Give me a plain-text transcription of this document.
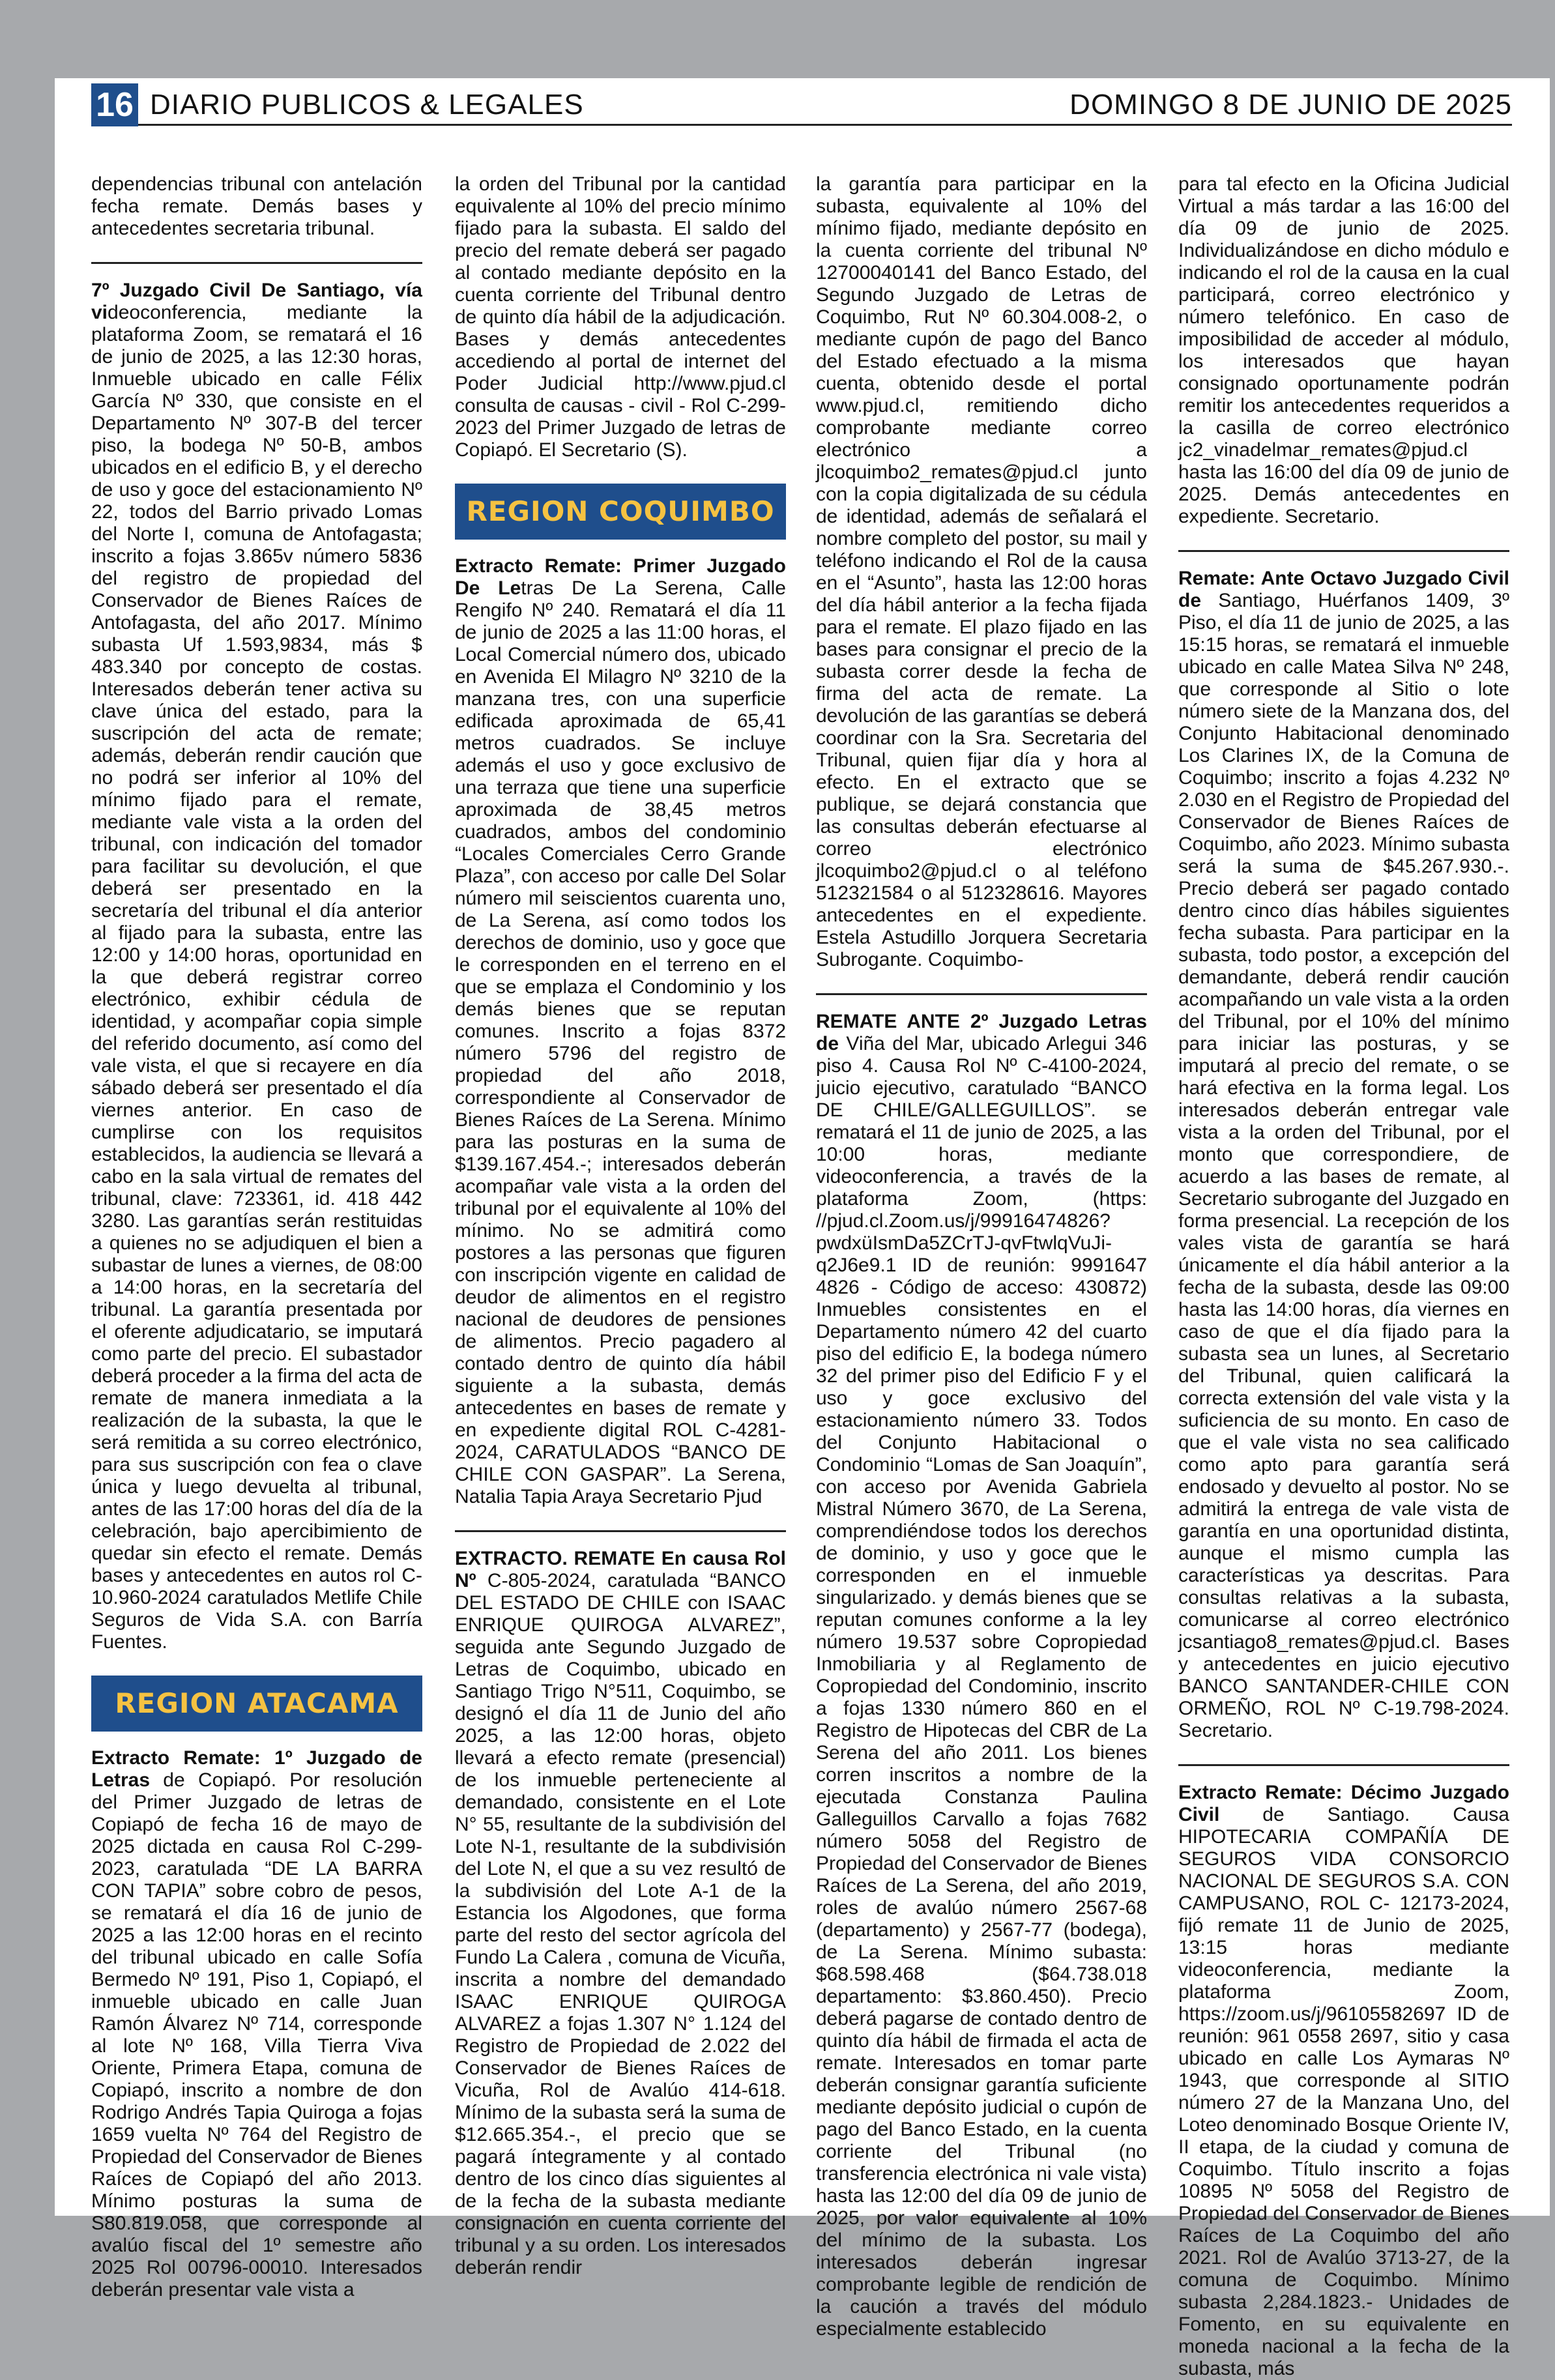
16 DIARIO PUBLICOS & LEGALES	DOMINGO 8 DE JUNIO DE 2025

dependencias tribunal con antelación fecha remate. Demás bases y antecedentes secretaria tribunal.

7º Juzgado Civil De Santiago, vía videoconferencia, mediante la plataforma Zoom, se rematará el 16 de junio de 2025, a las 12:30 horas, Inmueble ubicado en calle Félix García Nº 330, que consiste en el Departamento Nº 307-B del tercer piso, la bodega Nº 50-B, ambos ubicados en el edificio B, y el derecho de uso y goce del estacionamiento Nº 22, todos del Barrio privado Lomas del Norte I, comuna de Antofagasta; inscrito a fojas 3.865v número 5836 del registro de propiedad del Conservador de Bienes Raíces de Antofagasta, del año 2017. Mínimo subasta Uf 1.593,9834, más $ 483.340 por concepto de costas. Interesados deberán tener activa su clave única del estado, para la suscripción del acta de remate; además, deberán rendir caución que no podrá ser inferior al 10% del mínimo fijado para el remate, mediante vale vista a la orden del tribunal, con indicación del tomador para facilitar su devolución, el que deberá ser presentado en la secretaría del tribunal el día anterior al fijado para la subasta, entre las 12:00 y 14:00 horas, oportunidad en la que deberá registrar correo electrónico, exhibir cédula de identidad, y acompañar copia simple del referido documento, así como del vale vista, el que si recayere en día sábado deberá ser presentado el día viernes anterior. En caso de cumplirse con los requisitos establecidos, la audiencia se llevará a cabo en la sala virtual de remates del tribunal, clave: 723361, id. 418 442 3280. Las garantías serán restituidas a quienes no se adjudiquen el bien a subastar de lunes a viernes, de 08:00 a 14:00 horas, en la secretaría del tribunal. La garantía presentada por el oferente adjudicatario, se imputará como parte del precio. El subastador deberá proceder a la firma del acta de remate de manera inmediata a la realización de la subasta, la que le será remitida a su correo electrónico, para sus suscripción con fea o clave única y luego devuelta al tribunal, antes de las 17:00 horas del día de la celebración, bajo apercibimiento de quedar sin efecto el remate. Demás bases y antecedentes en autos rol C-10.960-2024 caratulados Metlife Chile Seguros de Vida S.A. con Barría Fuentes.

REGION ATACAMA

Extracto Remate: 1º Juzgado de Letras de Copiapó. Por resolución del Primer Juzgado de letras de Copiapó de fecha 16 de mayo de 2025 dictada en causa Rol C-299-2023, caratulada “DE LA BARRA CON TAPIA” sobre cobro de pesos, se rematará el día 16 de junio de 2025 a las 12:00 horas en el recinto del tribunal ubicado en calle Sofía Bermedo Nº 191, Piso 1, Copiapó, el inmueble ubicado en calle Juan Ramón Álvarez Nº 714, corresponde al lote Nº 168, Villa Tierra Viva Oriente, Primera Etapa, comuna de Copiapó, inscrito a nombre de don Rodrigo Andrés Tapia Quiroga a fojas 1659 vuelta Nº 764 del Registro de Propiedad del Conservador de Bienes Raíces de Copiapó del año 2013. Mínimo posturas la suma de S80.819.058, que corresponde al avalúo fiscal del 1º semestre año 2025 Rol 00796-00010. Interesados deberán presentar vale vista a

la orden del Tribunal por la cantidad equivalente al 10% del precio mínimo fijado para la subasta. El saldo del precio del remate deberá ser pagado al contado mediante depósito en la cuenta corriente del Tribunal dentro de quinto día hábil de la adjudicación. Bases y demás antecedentes accediendo al portal de internet del Poder Judicial http://www.pjud.cl consulta de causas - civil - Rol C-299-2023 del Primer Juzgado de letras de Copiapó. El Secretario (S).

REGION COQUIMBO

Extracto Remate: Primer Juzgado De Letras De La Serena, Calle Rengifo Nº 240. Rematará el día 11 de junio de 2025 a las 11:00 horas, el Local Comercial número dos, ubicado en Avenida El Milagro Nº 3210 de la manzana tres, con una superficie edificada aproximada de 65,41 metros cuadrados. Se incluye además el uso y goce exclusivo de una terraza que tiene una superficie aproximada de 38,45 metros cuadrados, ambos del condominio “Locales Comerciales Cerro Grande Plaza”, con acceso por calle Del Solar número mil seiscientos cuarenta uno, de La Serena, así como todos los derechos de dominio, uso y goce que le corresponden en el terreno en el que se emplaza el Condominio y los demás bienes que se reputan comunes. Inscrito a fojas 8372 número 5796 del registro de propiedad del año 2018, correspondiente al Conservador de Bienes Raíces de La Serena. Mínimo para las posturas en la suma de $139.167.454.-; interesados deberán acompañar vale vista a la orden del tribunal por el equivalente al 10% del mínimo. No se admitirá como postores a las personas que figuren con inscripción vigente en calidad de deudor de alimentos en el registro nacional de deudores de pensiones de alimentos. Precio pagadero al contado dentro de quinto día hábil siguiente a la subasta, demás antecedentes en bases de remate y en expediente digital ROL C-4281-2024, CARATULADOS “BANCO DE CHILE CON GASPAR”. La Serena, Natalia Tapia Araya Secretario Pjud

EXTRACTO. REMATE En causa Rol Nº C-805-2024, caratulada “BANCO DEL ESTADO DE CHILE con ISAAC ENRIQUE QUIROGA ALVAREZ”, seguida ante Segundo Juzgado de Letras de Coquimbo, ubicado en Santiago Trigo N°511, Coquimbo, se designó el día 11 de Junio del año 2025, a las 12:00 horas, objeto llevará a efecto remate (presencial) de los inmueble perteneciente al demandado, consistente en el Lote N° 55, resultante de la subdivisión del Lote N-1, resultante de la subdivisión del Lote N, el que a su vez resultó de la subdivisión del Lote A-1 de la Estancia los Algodones, que forma parte del resto del sector agrícola del Fundo La Calera , comuna de Vicuña, inscrita a nombre del demandado ISAAC ENRIQUE QUIROGA ALVAREZ a fojas 1.307 N° 1.124 del Registro de Propiedad de 2.022 del Conservador de Bienes Raíces de Vicuña, Rol de Avalúo 414-618. Mínimo de la subasta será la suma de $12.665.354.-, el precio que se pagará íntegramente y al contado dentro de los cinco días siguientes al de la fecha de la subasta mediante consignación en cuenta corriente del tribunal y a su orden. Los interesados deberán rendir

la garantía para participar en la subasta, equivalente al 10% del mínimo fijado, mediante depósito en la cuenta corriente del tribunal Nº 12700040141 del Banco Estado, del Segundo Juzgado de Letras de Coquimbo, Rut Nº 60.304.008-2, o mediante cupón de pago del Banco del Estado efectuado a la misma cuenta, obtenido desde el portal www.pjud.cl, remitiendo dicho comprobante mediante correo electrónico a jlcoquimbo2_remates@pjud.cl junto con la copia digitalizada de su cédula de identidad, además de señalará el nombre completo del postor, su mail y teléfono indicando el Rol de la causa en el “Asunto”, hasta las 12:00 horas del día hábil anterior a la fecha fijada para el remate. El plazo fijado en las bases para consignar el precio de la subasta correr desde la fecha de firma del acta de remate. La devolución de las garantías se deberá coordinar con la Sra. Secretaria del Tribunal, quien fijar día y hora al efecto. En el extracto que se publique, se dejará constancia que las consultas deberán efectuarse al correo electrónico jlcoquimbo2@pjud.cl o al teléfono 512321584 o al 512328616. Mayores antecedentes en el expediente. Estela Astudillo Jorquera Secretaria Subrogante. Coquimbo-

REMATE ANTE 2º Juzgado Letras de Viña del Mar, ubicado Arlegui 346 piso 4. Causa Rol Nº C-4100-2024, juicio ejecutivo, caratulado “BANCO DE CHILE/GALLEGUILLOS”. se rematará el 11 de junio de 2025, a las 10:00 horas, mediante videoconferencia, a través de la plataforma Zoom, (https: //pjud.cl.Zoom.us/j/99916474826?pwdxüIsmDa5ZCrTJ-qvFtwlqVuJi-q2J6e9.1 ID de reunión: 9991647 4826 - Código de acceso: 430872) Inmuebles consistentes en el Departamento número 42 del cuarto piso del edificio E, la bodega número 32 del primer piso del Edificio F y el uso y goce exclusivo del estacionamiento número 33. Todos del Conjunto Habitacional o Condominio “Lomas de San Joaquín”, con acceso por Avenida Gabriela Mistral Número 3670, de La Serena, comprendiéndose todos los derechos de dominio, y uso y goce que le corresponden en el inmueble singularizado. y demás bienes que se reputan comunes conforme a la ley número 19.537 sobre Copropiedad Inmobiliaria y al Reglamento de Copropiedad del Condominio, inscrito a fojas 1330 número 860 en el Registro de Hipotecas del CBR de La Serena del año 2011. Los bienes corren inscritos a nombre de la ejecutada Constanza Paulina Galleguillos Carvallo a fojas 7682 número 5058 del Registro de Propiedad del Conservador de Bienes Raíces de La Serena, del año 2019, roles de avalúo número 2567-68 (departamento) y 2567-77 (bodega), de La Serena. Mínimo subasta: $68.598.468 ($64.738.018 departamento: $3.860.450). Precio deberá pagarse de contado dentro de quinto día hábil de firmada el acta de remate. Interesados en tomar parte deberán consignar garantía suficiente mediante depósito judicial o cupón de pago del Banco Estado, en la cuenta corriente del Tribunal (no transferencia electrónica ni vale vista) hasta las 12:00 del día 09 de junio de 2025, por valor equivalente al 10% del mínimo de la subasta. Los interesados deberán ingresar comprobante legible de rendición de la caución a través del módulo especialmente establecido

para tal efecto en la Oficina Judicial Virtual a más tardar a las 16:00 del día 09 de junio de 2025. Individualizándose en dicho módulo e indicando el rol de la causa en la cual participará, correo electrónico y número telefónico. En caso de imposibilidad de acceder al módulo, los interesados que hayan consignado oportunamente podrán remitir los antecedentes requeridos a la casilla de correo electrónico jc2_vinadelmar_remates@pjud.cl hasta las 16:00 del día 09 de junio de 2025. Demás antecedentes en expediente. Secretario.

Remate: Ante Octavo Juzgado Civil de Santiago, Huérfanos 1409, 3º Piso, el día 11 de junio de 2025, a las 15:15 horas, se rematará el inmueble ubicado en calle Matea Silva Nº 248, que corresponde al Sitio o lote número siete de la Manzana dos, del Conjunto Habitacional denominado Los Clarines IX, de la Comuna de Coquimbo; inscrito a fojas 4.232 Nº 2.030 en el Registro de Propiedad del Conservador de Bienes Raíces de Coquimbo, año 2023. Mínimo subasta será la suma de $45.267.930.-. Precio deberá ser pagado contado dentro cinco días hábiles siguientes fecha subasta. Para participar en la subasta, todo postor, a excepción del demandante, deberá rendir caución acompañando un vale vista a la orden del Tribunal, por el 10% del mínimo para iniciar las posturas, y se imputará al precio del remate, o se hará efectiva en la forma legal. Los interesados deberán entregar vale vista a la orden del Tribunal, por el monto que correspondiere, de acuerdo a las bases de remate, al Secretario subrogante del Juzgado en forma presencial. La recepción de los vales vista de garantía se hará únicamente el día hábil anterior a la fecha de la subasta, desde las 09:00 hasta las 14:00 horas, día viernes en caso de que el día fijado para la subasta sea un lunes, al Secretario del Tribunal, quien calificará la correcta extensión del vale vista y la suficiencia de su monto. En caso de que el vale vista no sea calificado como apto para garantía será endosado y devuelto al postor. No se admitirá la entrega de vale vista de garantía en una oportunidad distinta, aunque el mismo cumpla las características ya descritas. Para consultas relativas a la subasta, comunicarse al correo electrónico jcsantiago8_remates@pjud.cl. Bases y antecedentes en juicio ejecutivo BANCO SANTANDER-CHILE CON ORMEÑO, ROL Nº C-19.798-2024. Secretario.

Extracto Remate: Décimo Juzgado Civil de Santiago. Causa HIPOTECARIA COMPAÑÍA DE SEGUROS VIDA CONSORCIO NACIONAL DE SEGUROS S.A. CON CAMPUSANO, ROL C- 12173-2024, fijó remate 11 de Junio de 2025, 13:15 horas mediante videoconferencia, mediante la plataforma Zoom, https://zoom.us/j/96105582697 ID de reunión: 961 0558 2697, sitio y casa ubicado en calle Los Aymaras Nº 1943, que corresponde al SITIO número 27 de la Manzana Uno, del Loteo denominado Bosque Oriente IV, II etapa, de la ciudad y comuna de Coquimbo. Título inscrito a fojas 10895 Nº 5058 del Registro de Propiedad del Conservador de Bienes Raíces de La Coquimbo del año 2021. Rol de Avalúo 3713-27, de la comuna de Coquimbo. Mínimo subasta 2,284.1823.- Unidades de Fomento, en su equivalente en moneda nacional a la fecha de la subasta, más
